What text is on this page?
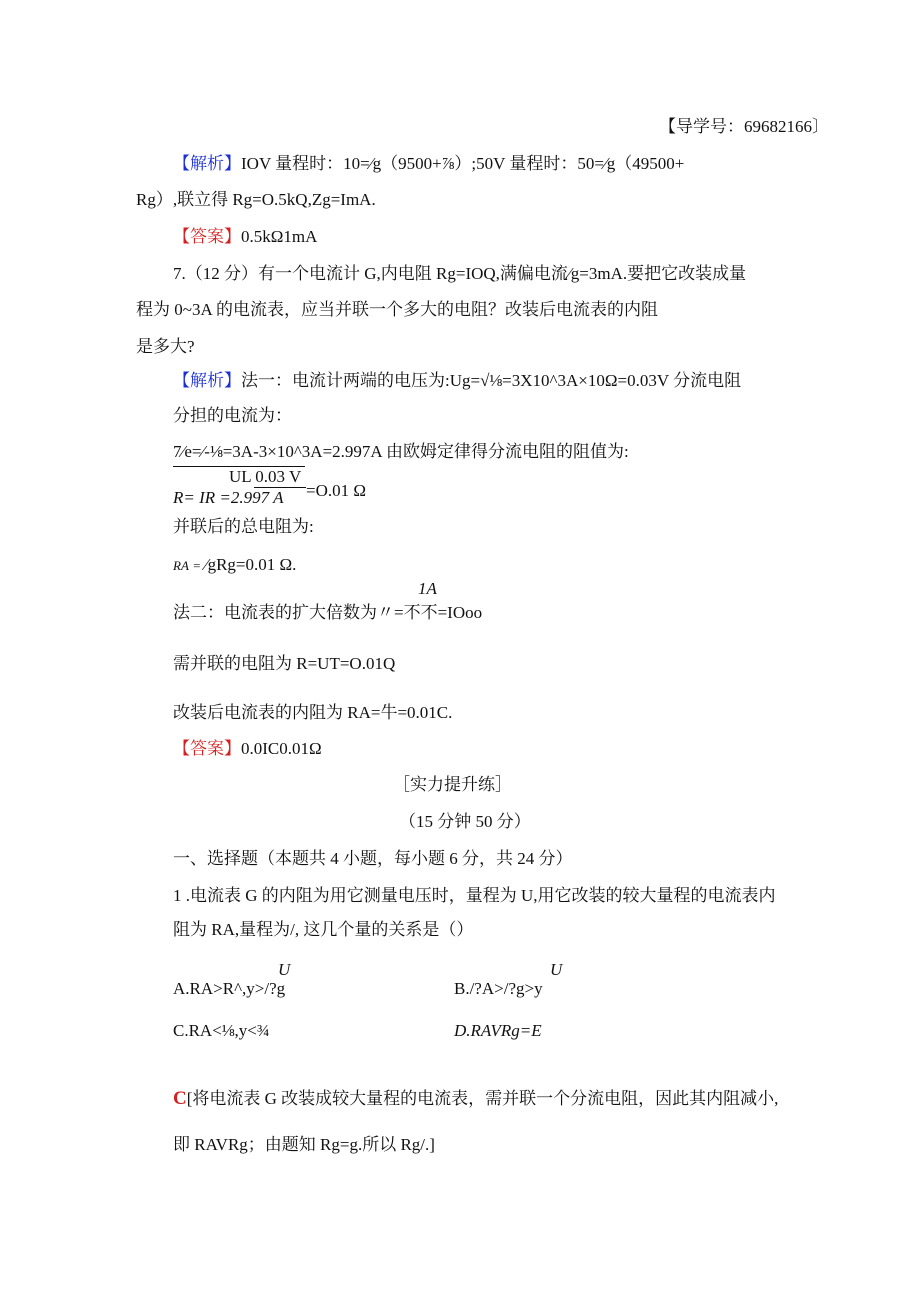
【导学号：69682166〕
【解析】IOV 量程时：10=⁄g（9500+⅞）;50V 量程时：50=⁄g（49500+
Rg）,联立得 Rg=O.5kQ,Zg=ImA.
【答案】0.5kΩ1mA
7.（12 分）有一个电流计 G,内电阻 Rg=IOQ,满偏电流⁄g=3mA.要把它改装成量
程为 0~3A 的电流表，应当并联一个多大的电阻？改装后电流表的内阻
是多大?
【解析】法一：电流计两端的电压为:Ug=√⅛=3X10^3A×10Ω=0.03V 分流电阻
分担的电流为：
7⁄e=⁄-⅛=3A-3×10^3A=2.997A 由欧姆定律得分流电阻的阻值为:
UL 0.03 V
R= IR =2.997 A =O.01 Ω
并联后的总电阻为:
RA = ⁄gRg=0.01 Ω.
1A
法二：电流表的扩大倍数为〃=不不=IOoo
需并联的电阻为 R=UT=O.01Q
改装后电流表的内阻为 RA=牛=0.01C.
【答案】0.0IC0.01Ω
［实力提升练］
（15 分钟 50 分）
一、选择题（本题共 4 小题，每小题 6 分，共 24 分）
1 .电流表 G 的内阻为用它测量电压时，量程为 U,用它改装的较大量程的电流表内
阻为 RA,量程为/, 这几个量的关系是（）
U
A.RA>R^,y>/?g
U
B./?A>/?g>y
C.RA<⅛,y<¾	D.RAVRg=E
C[将电流表 G 改装成较大量程的电流表，需并联一个分流电阻，因此其内阻减小,
即 RAVRg；由题知 Rg=g.所以 Rg/.]
